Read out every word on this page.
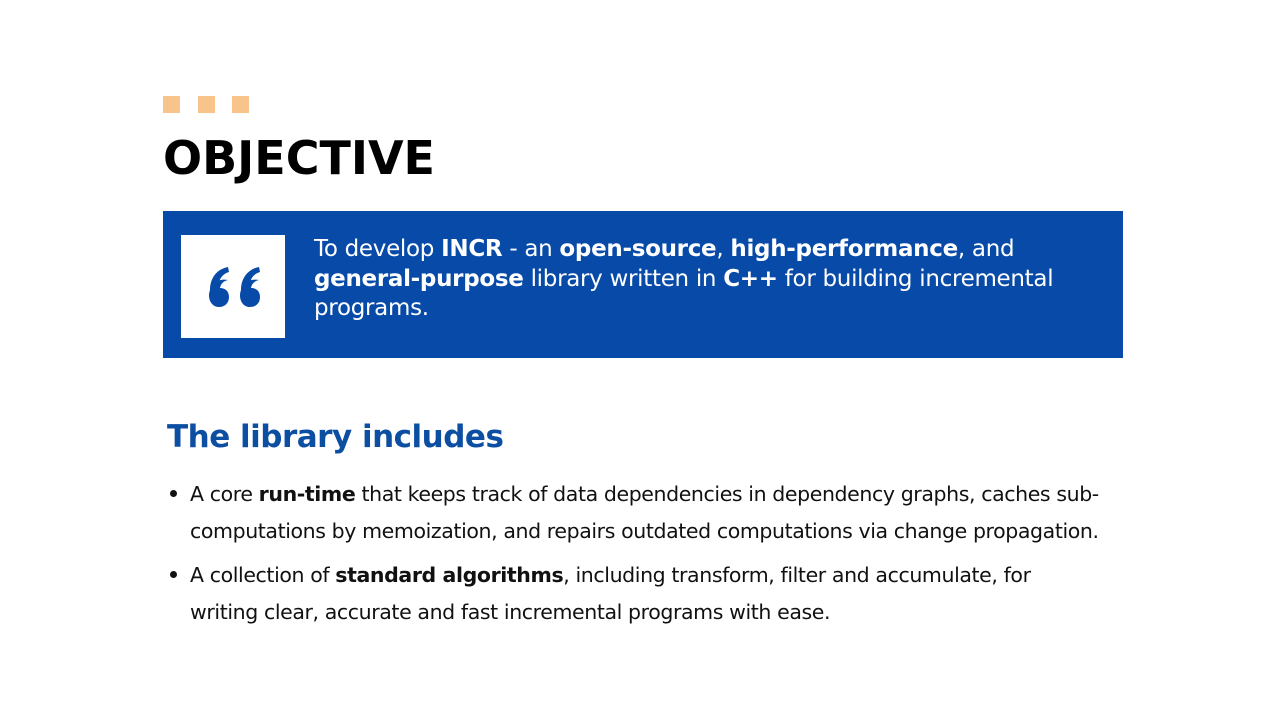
OBJECTIVE
To develop INCR - an open-source, high-performance, and general-purpose library written in C++ for building incremental programs.
The library includes
A core run-time that keeps track of data dependencies in dependency graphs, caches sub-computations by memoization, and repairs outdated computations via change propagation.
A collection of standard algorithms, including transform, filter and accumulate, for writing clear, accurate and fast incremental programs with ease.
